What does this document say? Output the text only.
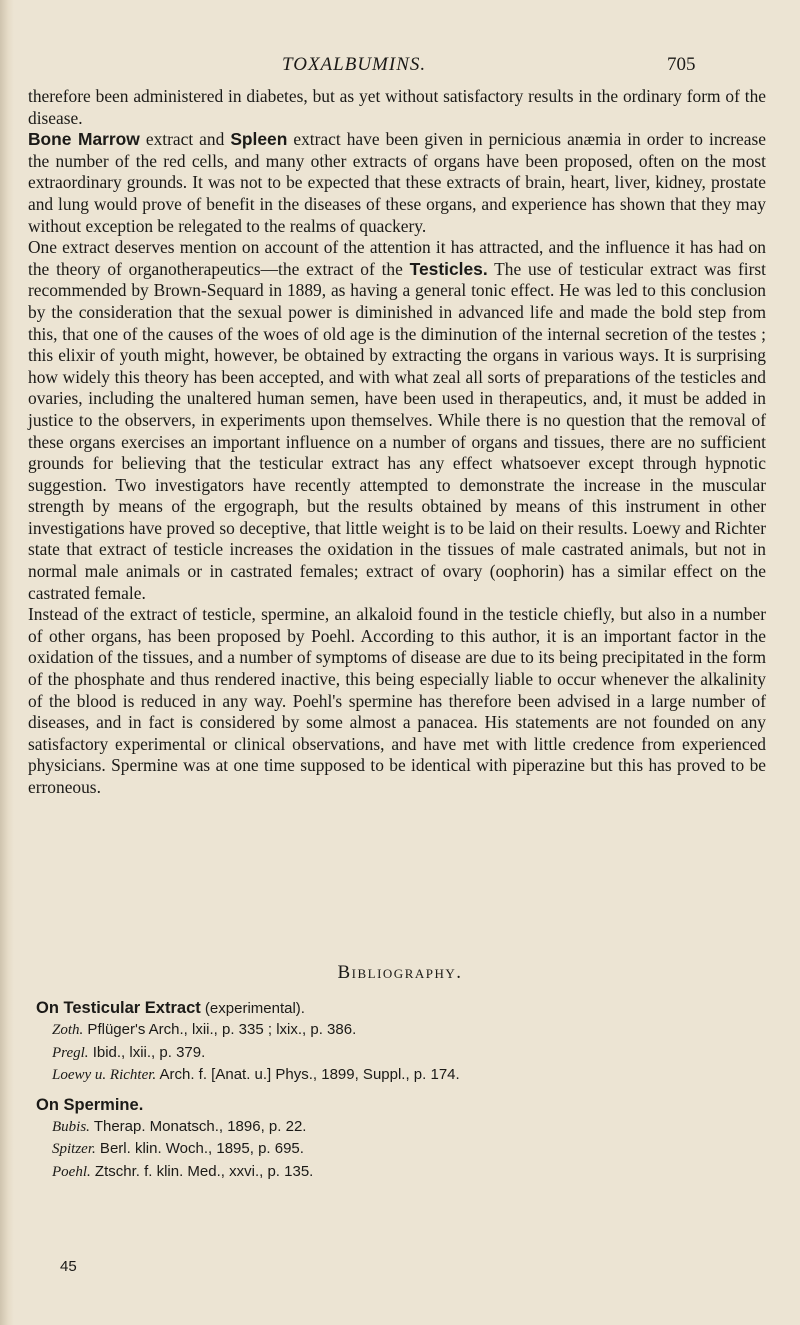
TOXALBUMINS.	705

therefore been administered in diabetes, but as yet without satisfactory results in the ordinary form of the disease.

Bone Marrow extract and Spleen extract have been given in pernicious anæmia in order to increase the number of the red cells, and many other extracts of organs have been proposed, often on the most extraordinary grounds. It was not to be expected that these extracts of brain, heart, liver, kidney, prostate and lung would prove of benefit in the diseases of these organs, and experience has shown that they may without exception be relegated to the realms of quackery.

One extract deserves mention on account of the attention it has attracted, and the influence it has had on the theory of organotherapeutics—the extract of the Testicles. The use of testicular extract was first recommended by Brown-Sequard in 1889, as having a general tonic effect. He was led to this conclusion by the consideration that the sexual power is diminished in advanced life and made the bold step from this, that one of the causes of the woes of old age is the diminution of the internal secretion of the testes ; this elixir of youth might, however, be obtained by extracting the organs in various ways. It is surprising how widely this theory has been accepted, and with what zeal all sorts of preparations of the testicles and ovaries, including the unaltered human semen, have been used in therapeutics, and, it must be added in justice to the observers, in experiments upon themselves. While there is no question that the removal of these organs exercises an important influence on a number of organs and tissues, there are no sufficient grounds for believing that the testicular extract has any effect whatsoever except through hypnotic suggestion. Two investigators have recently attempted to demonstrate the increase in the muscular strength by means of the ergograph, but the results obtained by means of this instrument in other investigations have proved so deceptive, that little weight is to be laid on their results. Loewy and Richter state that extract of testicle increases the oxidation in the tissues of male castrated animals, but not in normal male animals or in castrated females; extract of ovary (oophorin) has a similar effect on the castrated female.

Instead of the extract of testicle, spermine, an alkaloid found in the testicle chiefly, but also in a number of other organs, has been proposed by Poehl. According to this author, it is an important factor in the oxidation of the tissues, and a number of symptoms of disease are due to its being precipitated in the form of the phosphate and thus rendered inactive, this being especially liable to occur whenever the alkalinity of the blood is reduced in any way. Poehl's spermine has therefore been advised in a large number of diseases, and in fact is considered by some almost a panacea. His statements are not founded on any satisfactory experimental or clinical observations, and have met with little credence from experienced physicians. Spermine was at one time supposed to be identical with piperazine but this has proved to be erroneous.

Bibliography.

On Testicular Extract (experimental).

Zoth. Pflüger's Arch., lxii., p. 335 ; lxix., p. 386.

Pregl. Ibid., lxii., p. 379.

Loewy u. Richter. Arch. f. [Anat. u.] Phys., 1899, Suppl., p. 174.

On Spermine.

Bubis. Therap. Monatsch., 1896, p. 22.

Spitzer. Berl. klin. Woch., 1895, p. 695.

Poehl. Ztschr. f. klin. Med., xxvi., p. 135.

45
